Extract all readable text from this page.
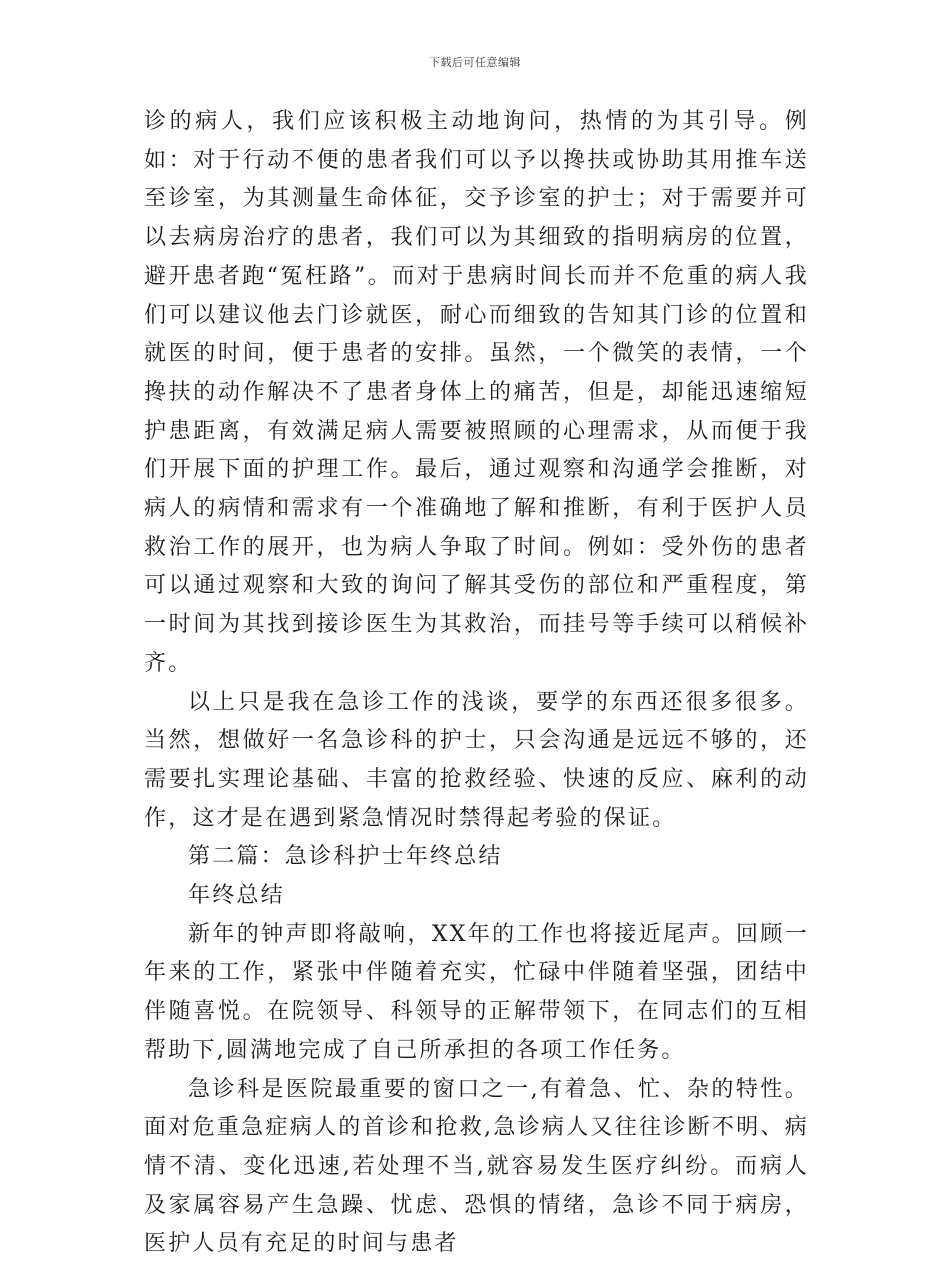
下载后可任意编辑

诊的病人，我们应该积极主动地询问，热情的为其引导。例如：对于行动不便的患者我们可以予以搀扶或协助其用推车送至诊室，为其测量生命体征，交予诊室的护士；对于需要并可以去病房治疗的患者，我们可以为其细致的指明病房的位置，避开患者跑“冤枉路”。而对于患病时间长而并不危重的病人我们可以建议他去门诊就医，耐心而细致的告知其门诊的位置和就医的时间，便于患者的安排。虽然，一个微笑的表情，一个搀扶的动作解决不了患者身体上的痛苦，但是，却能迅速缩短护患距离，有效满足病人需要被照顾的心理需求，从而便于我们开展下面的护理工作。最后，通过观察和沟通学会推断，对病人的病情和需求有一个准确地了解和推断，有利于医护人员救治工作的展开，也为病人争取了时间。例如：受外伤的患者可以通过观察和大致的询问了解其受伤的部位和严重程度，第一时间为其找到接诊医生为其救治，而挂号等手续可以稍候补齐。

以上只是我在急诊工作的浅谈，要学的东西还很多很多。当然，想做好一名急诊科的护士，只会沟通是远远不够的，还需要扎实理论基础、丰富的抢救经验、快速的反应、麻利的动作，这才是在遇到紧急情况时禁得起考验的保证。

第二篇：急诊科护士年终总结

年终总结

新年的钟声即将敲响，XX年的工作也将接近尾声。回顾一年来的工作，紧张中伴随着充实，忙碌中伴随着坚强，团结中伴随喜悦。在院领导、科领导的正解带领下，在同志们的互相帮助下,圆满地完成了自己所承担的各项工作任务。

急诊科是医院最重要的窗口之一,有着急、忙、杂的特性。面对危重急症病人的首诊和抢救,急诊病人又往往诊断不明、病情不清、变化迅速,若处理不当,就容易发生医疗纠纷。而病人及家属容易产生急躁、忧虑、恐惧的情绪，急诊不同于病房，医护人员有充足的时间与患者
